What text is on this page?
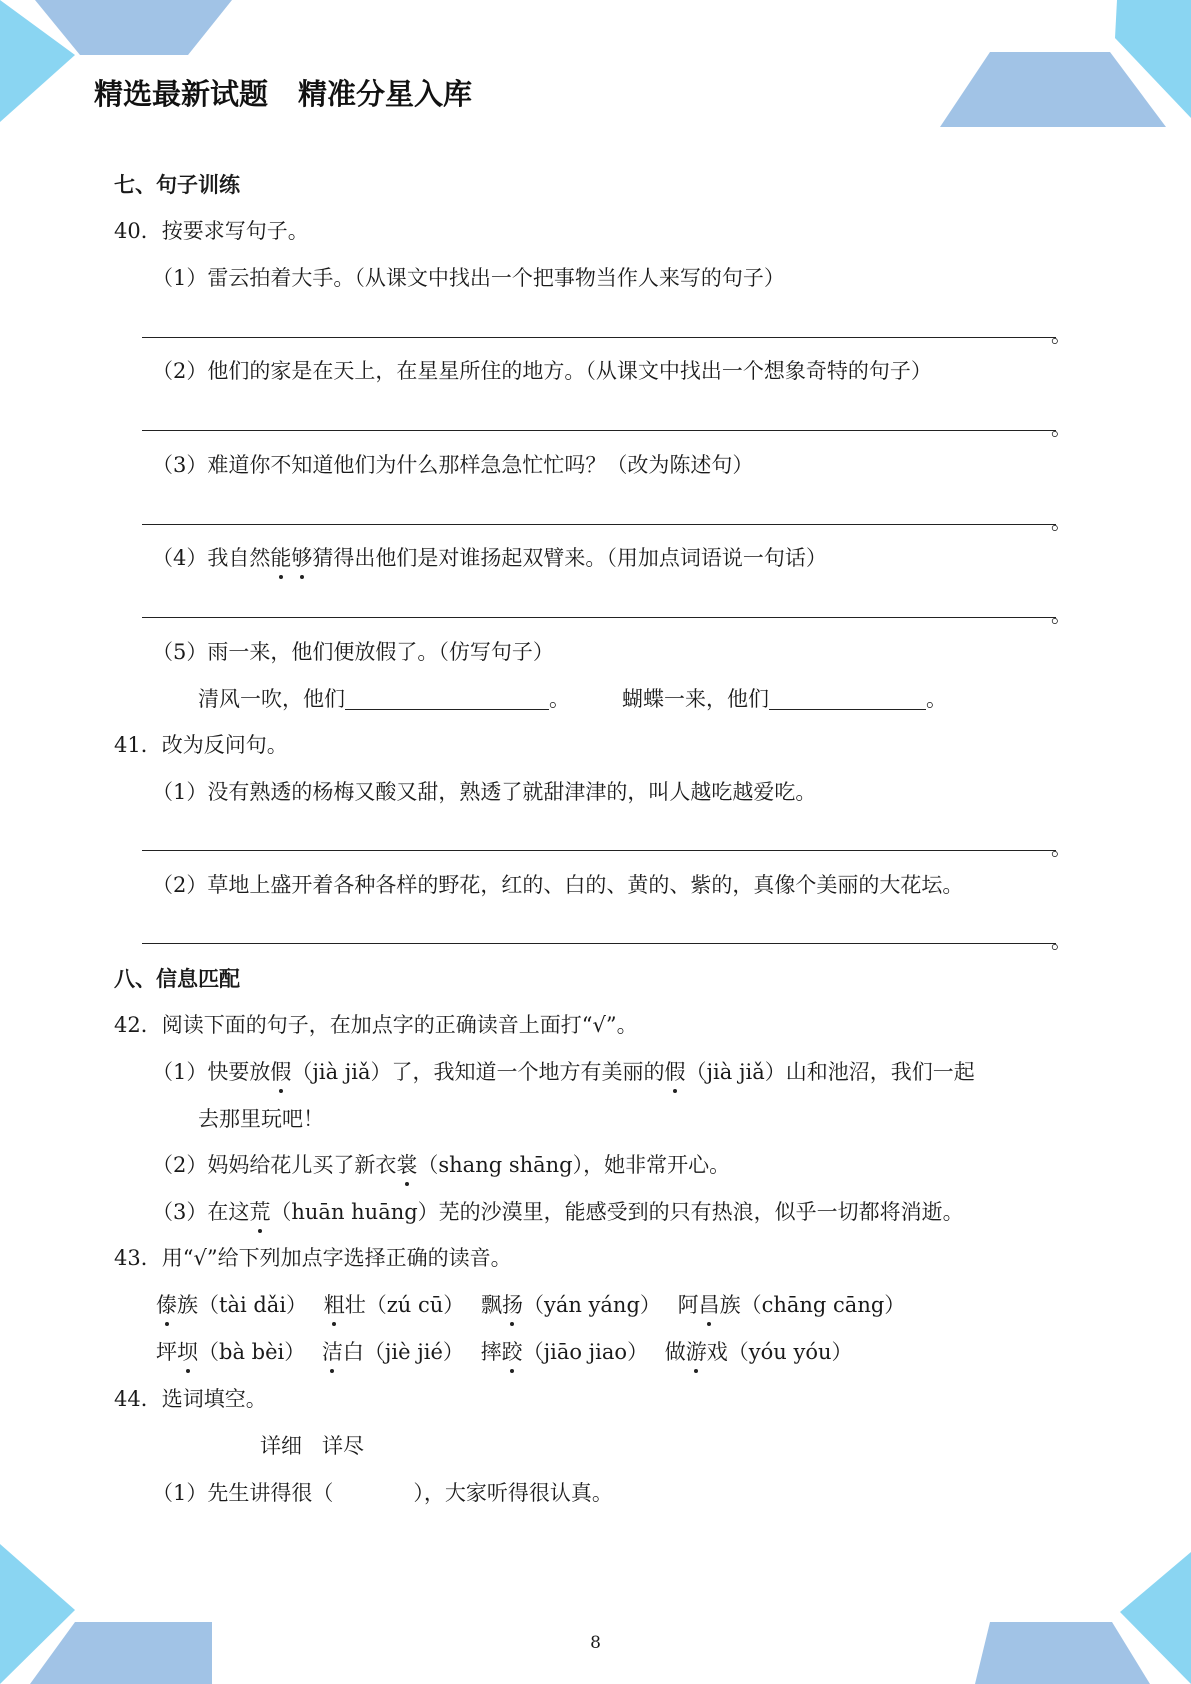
精选最新试题 精准分星入库
七、句子训练
40．按要求写句子。
（1）雷云拍着大手。（从课文中找出一个把事物当作人来写的句子）
。
（2）他们的家是在天上，在星星所住的地方。（从课文中找出一个想象奇特的句子）
。
（3）难道你不知道他们为什么那样急急忙忙吗？（改为陈述句）
。
（4）我自然能够猜得出他们是对谁扬起双臂来。（用加点词语说一句话）
。
（5）雨一来，他们便放假了。（仿写句子）
清风一吹，他们	。 蝴蝶一来，他们	。
41．改为反问句。
（1）没有熟透的杨梅又酸又甜，熟透了就甜津津的，叫人越吃越爱吃。
。
（2）草地上盛开着各种各样的野花，红的、白的、黄的、紫的，真像个美丽的大花坛。
。
八、信息匹配
42．阅读下面的句子，在加点字的正确读音上面打“√”。
（1）快要放假（jià jiǎ）了，我知道一个地方有美丽的假（jià jiǎ）山和池沼，我们一起
去那里玩吧！
（2）妈妈给花儿买了新衣裳（shang shāng），她非常开心。
（3）在这荒（huān huāng）芜的沙漠里，能感受到的只有热浪，似乎一切都将消逝。
43．用“√”给下列加点字选择正确的读音。
傣族（tài dǎi） 粗壮（zú cū） 飘扬（yán yáng） 阿昌族（chāng cāng）
坪坝（bà bèi） 洁白（jiè jié） 摔跤（jiāo jiao） 做游戏（yóu yóu）
44．选词填空。
详细   详尽
（1）先生讲得很（	），大家听得很认真。
8
